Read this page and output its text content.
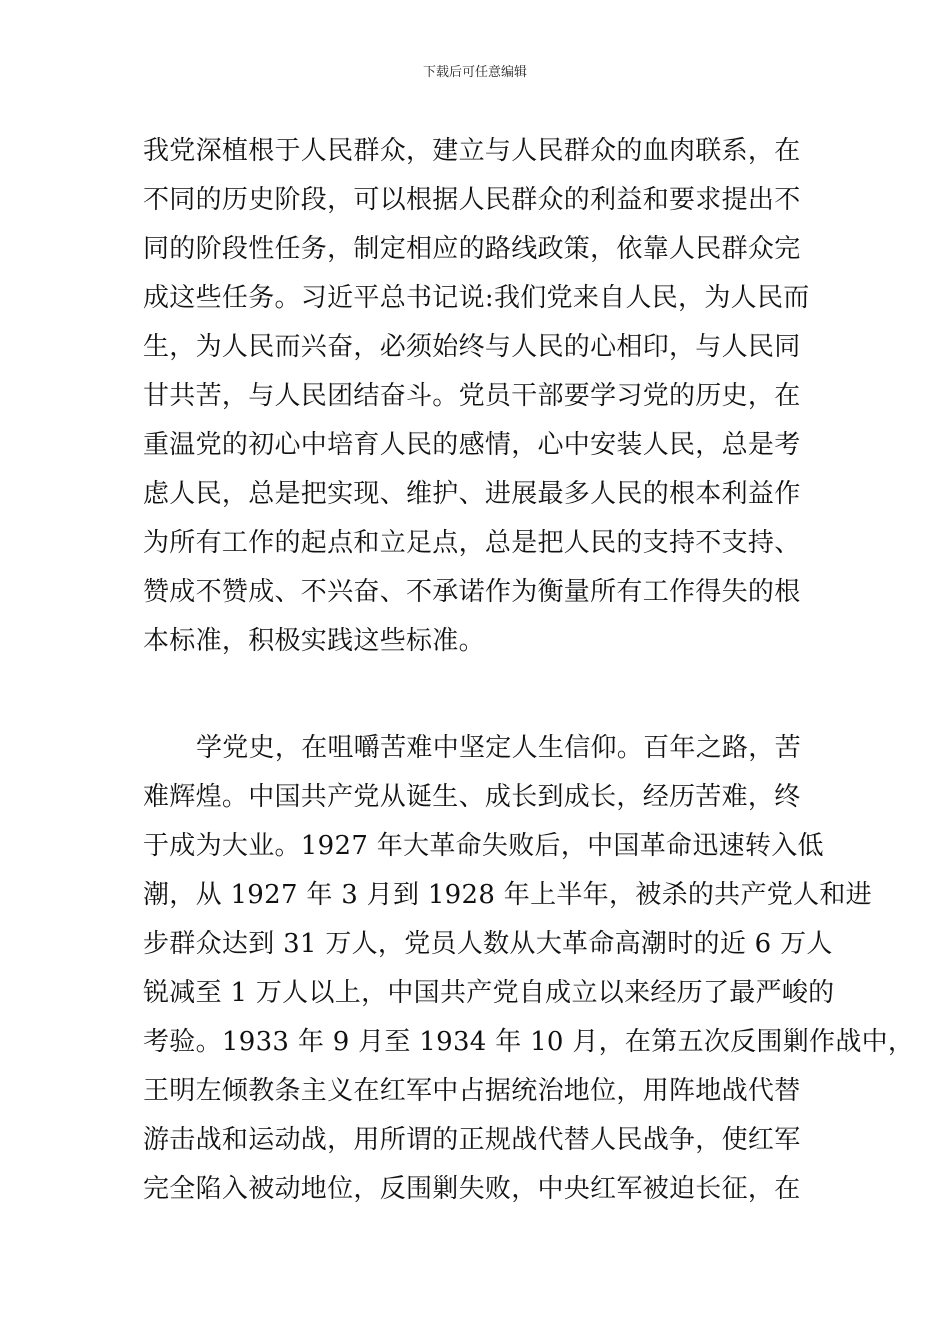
下载后可任意编辑
我党深植根于人民群众，建立与人民群众的血肉联系，在
不同的历史阶段，可以根据人民群众的利益和要求提出不
同的阶段性任务，制定相应的路线政策，依靠人民群众完
成这些任务。习近平总书记说:我们党来自人民，为人民而
生，为人民而兴奋，必须始终与人民的心相印，与人民同
甘共苦，与人民团结奋斗。党员干部要学习党的历史，在
重温党的初心中培育人民的感情，心中安装人民，总是考
虑人民，总是把实现、维护、进展最多人民的根本利益作
为所有工作的起点和立足点，总是把人民的支持不支持、
赞成不赞成、不兴奋、不承诺作为衡量所有工作得失的根
本标准，积极实践这些标准。
学党史，在咀嚼苦难中坚定人生信仰。百年之路，苦
难辉煌。中国共产党从诞生、成长到成长，经历苦难，终
于成为大业。1927 年大革命失败后，中国革命迅速转入低
潮，从 1927 年 3 月到 1928 年上半年，被杀的共产党人和进
步群众达到 31 万人，党员人数从大革命高潮时的近 6 万人
锐减至 1 万人以上，中国共产党自成立以来经历了最严峻的
考验。1933 年 9 月至 1934 年 10 月，在第五次反围剿作战中，
王明左倾教条主义在红军中占据统治地位，用阵地战代替
游击战和运动战，用所谓的正规战代替人民战争，使红军
完全陷入被动地位，反围剿失败，中央红军被迫长征，在
